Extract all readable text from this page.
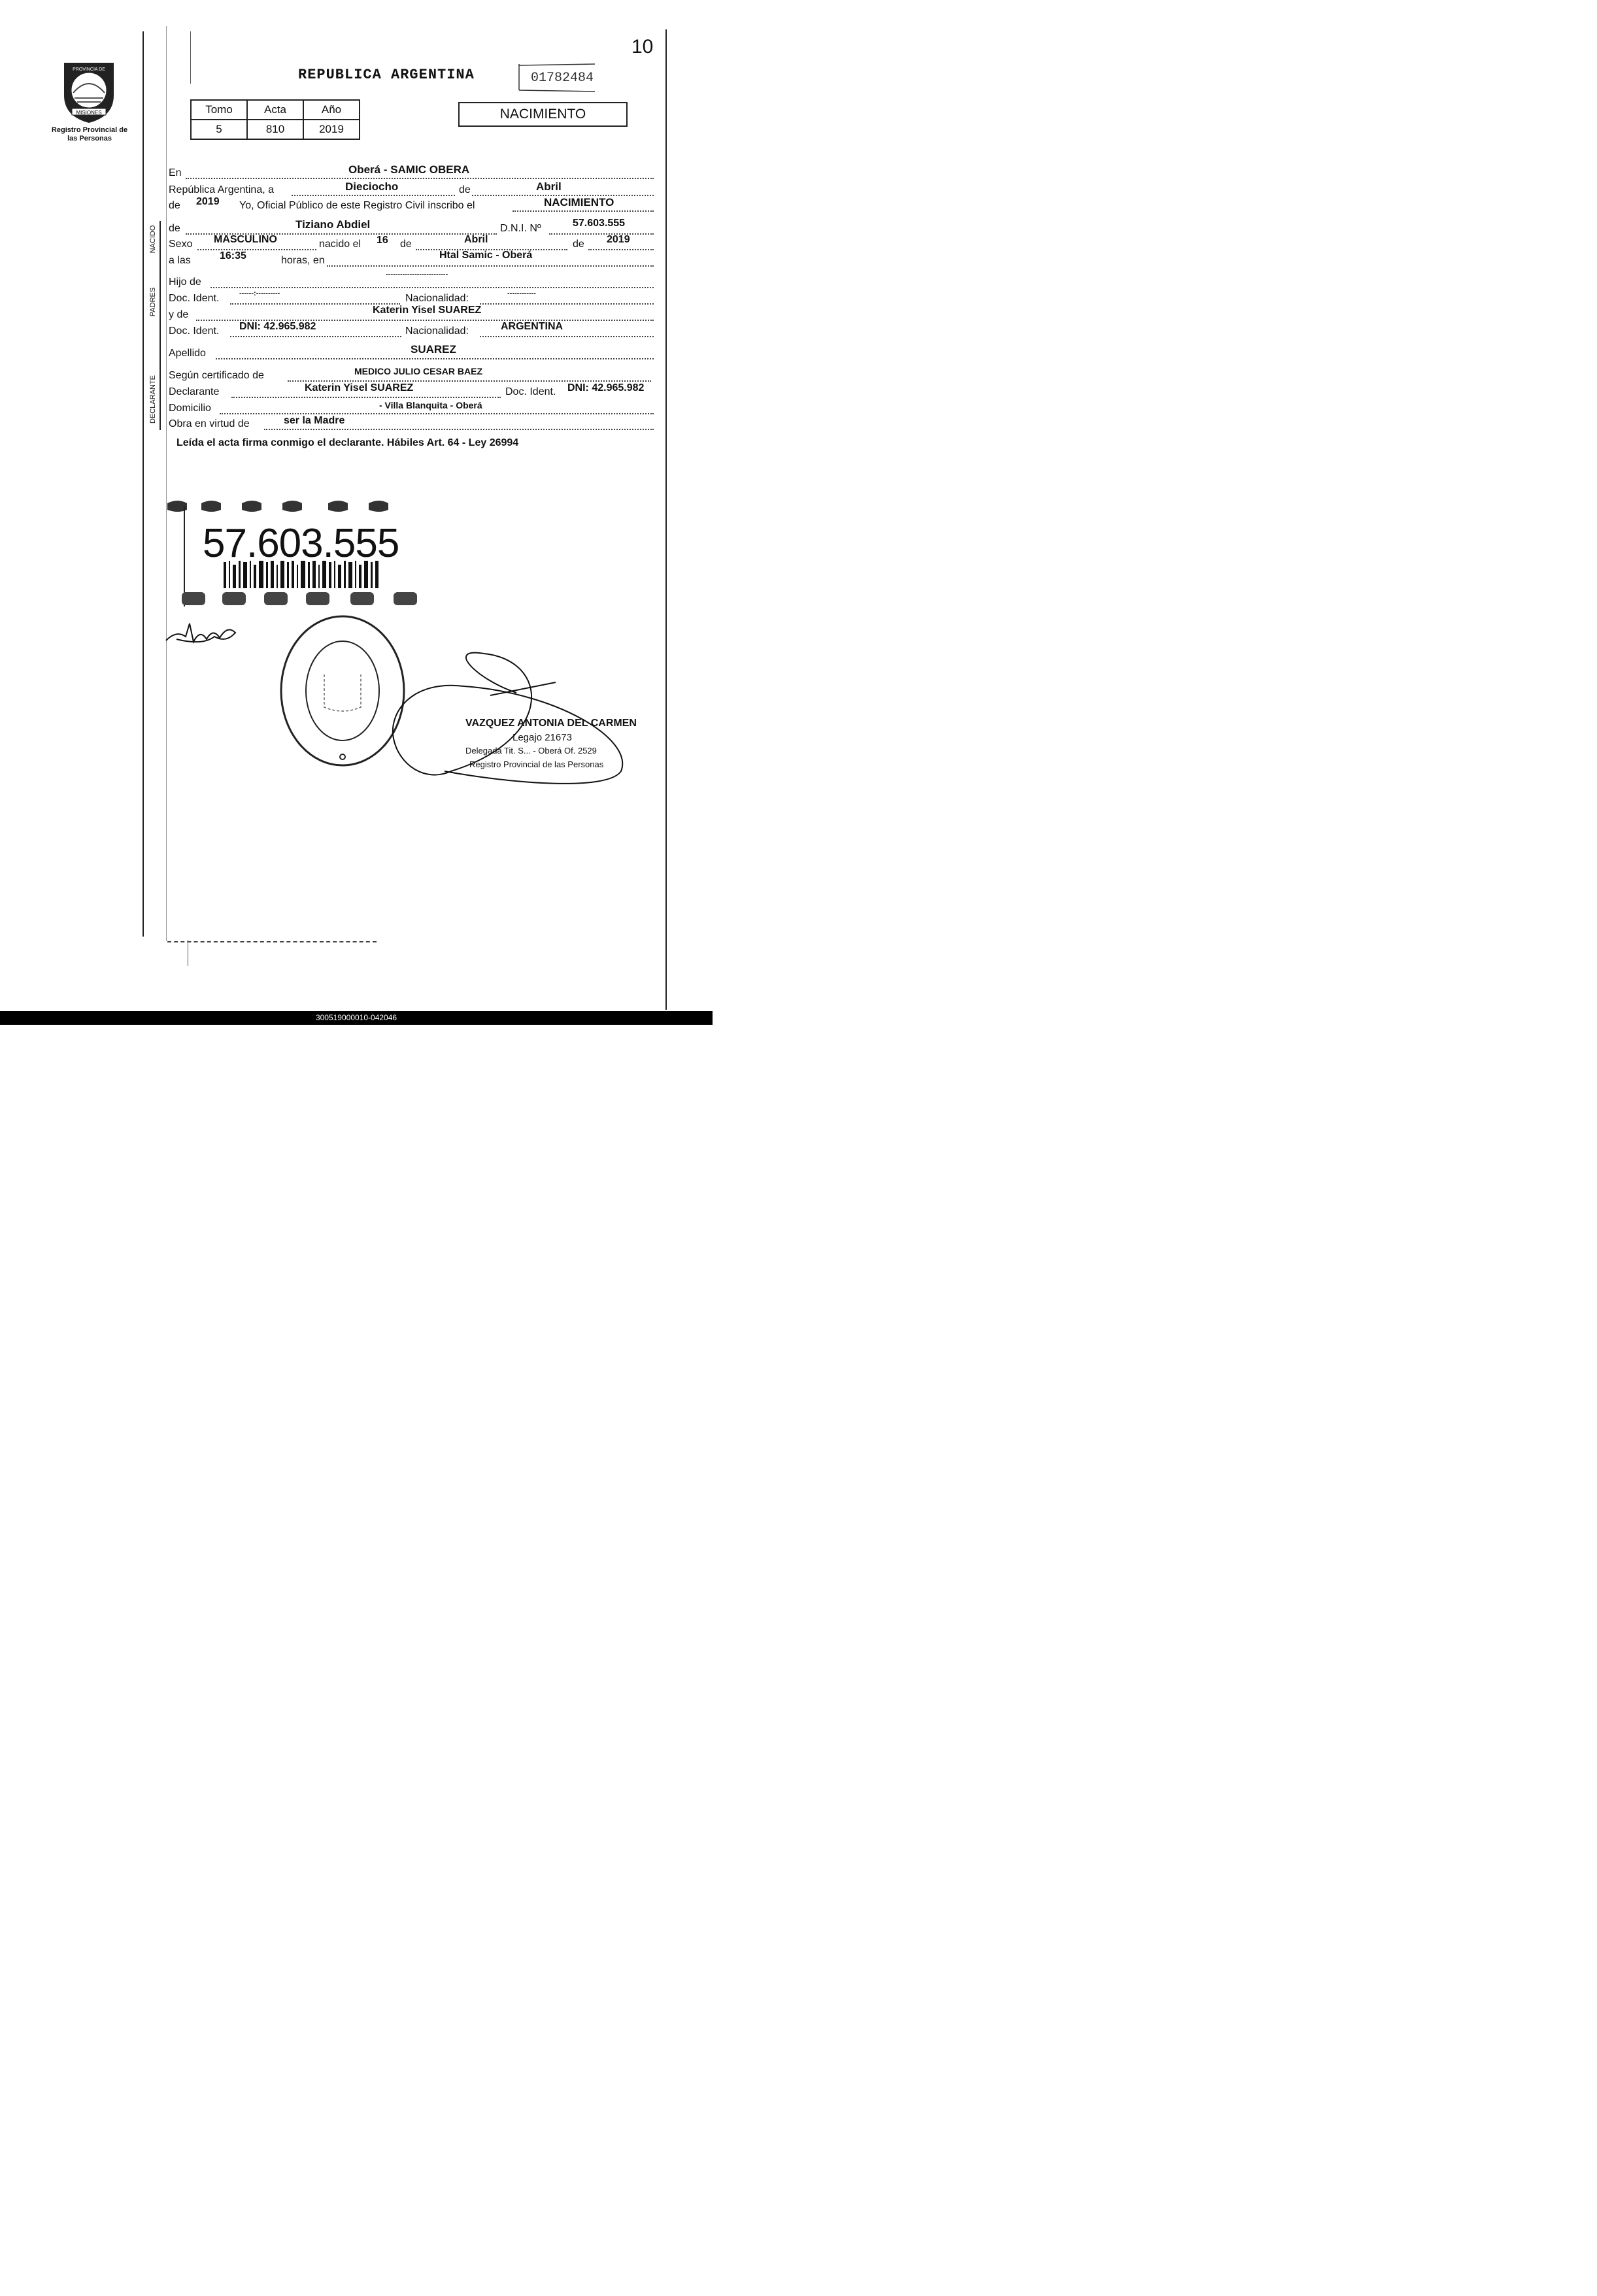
MISIONES
PROVINCIA DE
Registro Provincial de las Personas
10
REPUBLICA ARGENTINA	01782484
Tomo	Acta	Año
5	810	2019
NACIMIENTO
NACIDO
PADRES
DECLARANTE
En	Oberá - SAMIC OBERA
República Argentina, a	Dieciocho	de	Abril
de 2019 Yo, Oficial Público de este Registro Civil inscribo el	NACIMIENTO
de	Tiziano Abdiel	D.N.I. Nº	57.603.555
Sexo MASCULINO	nacido el 16 de	Abril	de 2019
a las	16:35	horas, en	Htal Samic - Oberá
Hijo de
--------------------------
Doc. Ident.	------:----------	Nacionalidad:	------------
y de	Katerin Yisel SUAREZ
Doc. Ident. DNI: 42.965.982	Nacionalidad:	ARGENTINA
Apellido	SUAREZ
Según certificado de	MEDICO JULIO CESAR BAEZ
Declarante	Katerin Yisel SUAREZ	Doc. Ident. DNI: 42.965.982
Domicilio	- Villa Blanquita - Oberá
Obra en virtud de	ser la Madre
Leída el acta firma conmigo el declarante. Hábiles Art. 64 - Ley 26994
57.603.555
VAZQUEZ ANTONIA DEL CARMEN
Legajo 21673
Delegada Tit. S... - Oberá Of. 2529
Registro Provincial de las Personas
300519000010-042046
